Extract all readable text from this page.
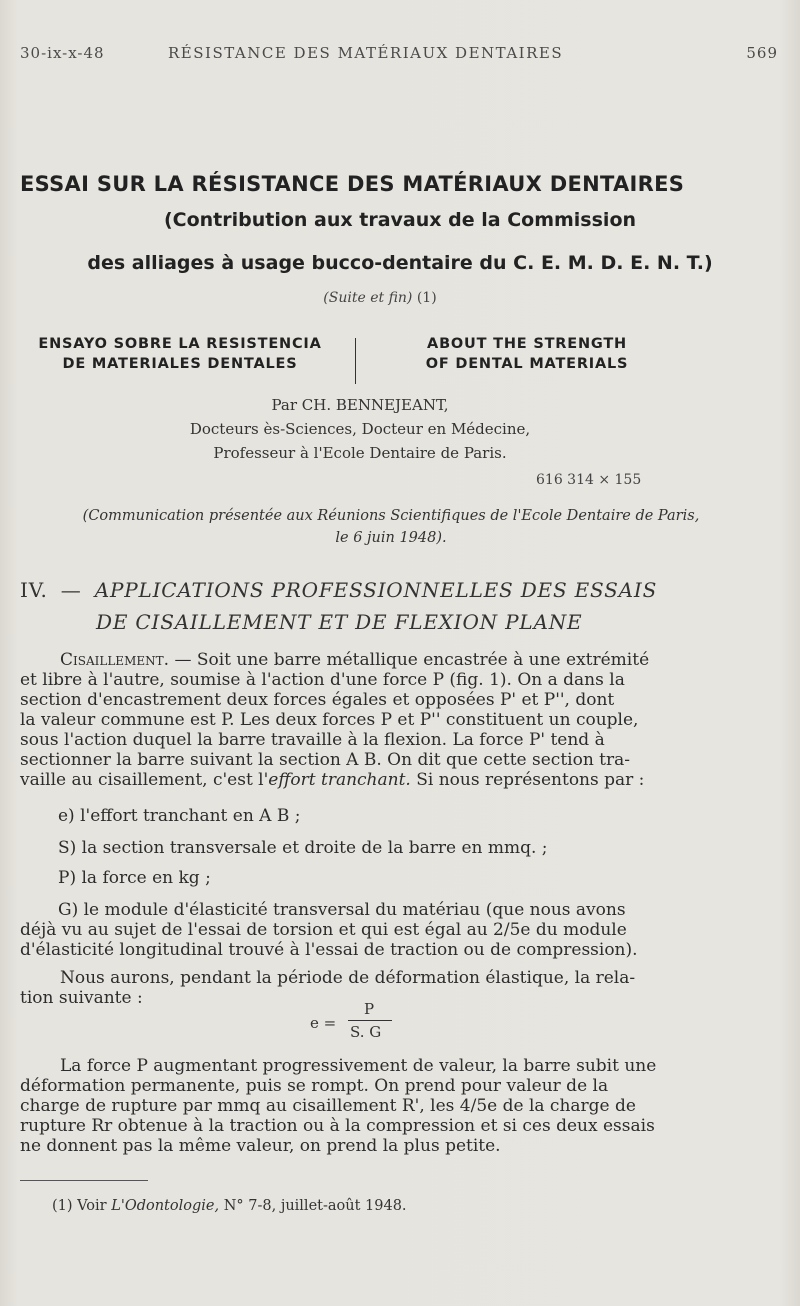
30-ix-x-48	RÉSISTANCE DES MATÉRIAUX DENTAIRES	569
ESSAI SUR LA RÉSISTANCE DES MATÉRIAUX DENTAIRES
(Contribution aux travaux de la Commission
des alliages à usage bucco-dentaire du C. E. M. D. E. N. T.)
(Suite et fin) (1)
ENSAYO SOBRE LA RESISTENCIA
DE MATERIALES DENTALES
ABOUT THE STRENGTH
OF DENTAL MATERIALS
Par CH. BENNEJEANT,
Docteurs ès-Sciences, Docteur en Médecine,
Professeur à l'Ecole Dentaire de Paris.
616 314 × 155
(Communication présentée aux Réunions Scientifiques de l'Ecole Dentaire de Paris,
le 6 juin 1948).
IV. — APPLICATIONS PROFESSIONNELLES DES ESSAIS
DE CISAILLEMENT ET DE FLEXION PLANE
Cisaillement. — Soit une barre métallique encastrée à une extrémité
et libre à l'autre, soumise à l'action d'une force P (fig. 1). On a dans la
section d'encastrement deux forces égales et opposées P' et P'', dont
la valeur commune est P. Les deux forces P et P'' constituent un couple,
sous l'action duquel la barre travaille à la flexion. La force P' tend à
sectionner la barre suivant la section A B. On dit que cette section tra-
vaille au cisaillement, c'est l'effort tranchant. Si nous représentons par :
e) l'effort tranchant en A B ;
S) la section transversale et droite de la barre en mmq. ;
P) la force en kg ;
G) le module d'élasticité transversal du matériau (que nous avons
déjà vu au sujet de l'essai de torsion et qui est égal au 2/5e du module
d'élasticité longitudinal trouvé à l'essai de traction ou de compression).
Nous aurons, pendant la période de déformation élastique, la rela-
tion suivante :
e =
P
S. G
La force P augmentant progressivement de valeur, la barre subit une
déformation permanente, puis se rompt. On prend pour valeur de la
charge de rupture par mmq au cisaillement R', les 4/5e de la charge de
rupture Rr obtenue à la traction ou à la compression et si ces deux essais
ne donnent pas la même valeur, on prend la plus petite.
(1) Voir L'Odontologie, N° 7-8, juillet-août 1948.
